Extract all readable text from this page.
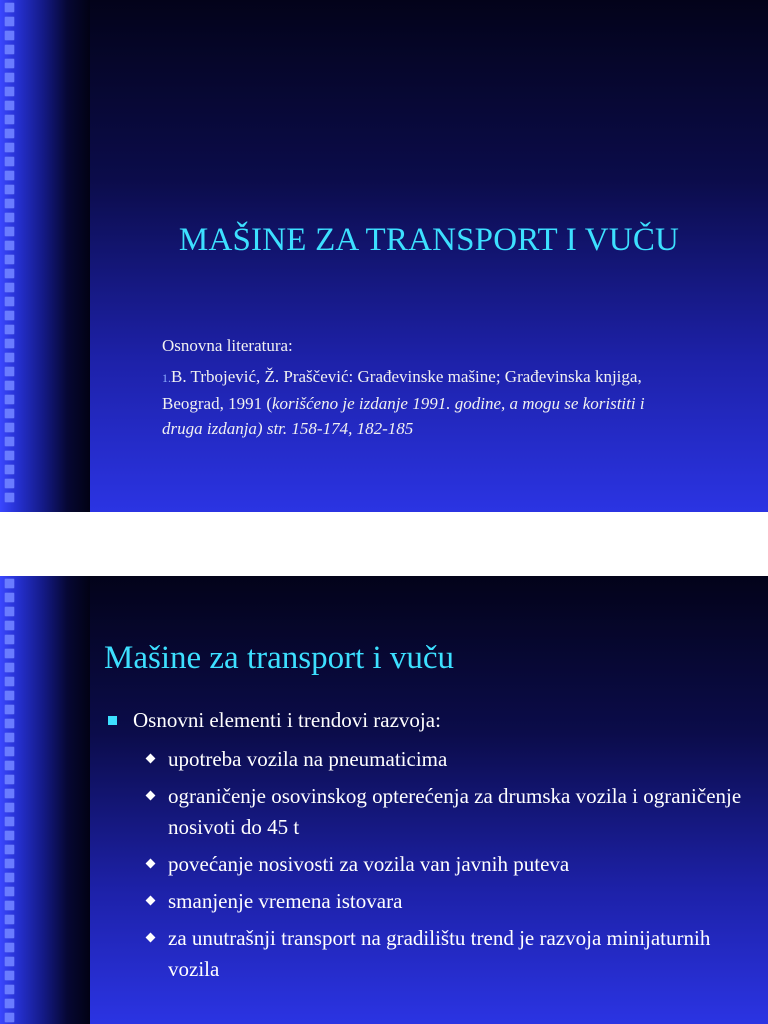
MAŠINE ZA TRANSPORT I VUČU
Osnovna literatura:
1.B. Trbojević, Ž. Praščević: Građevinske mašine; Građevinska knjiga, Beograd, 1991 (korišćeno je izdanje 1991. godine, a mogu se koristiti i druga izdanja) str. 158-174, 182-185
Mašine za transport i vuču
Osnovni elementi i trendovi razvoja:
upotreba vozila na pneumaticima
ograničenje osovinskog opterećenja za drumska vozila i ograničenje nosivoti do 45 t
povećanje nosivosti za vozila van javnih puteva
smanjenje vremena istovara
za unutrašnji transport na gradilištu trend je razvoja minijaturnih vozila
